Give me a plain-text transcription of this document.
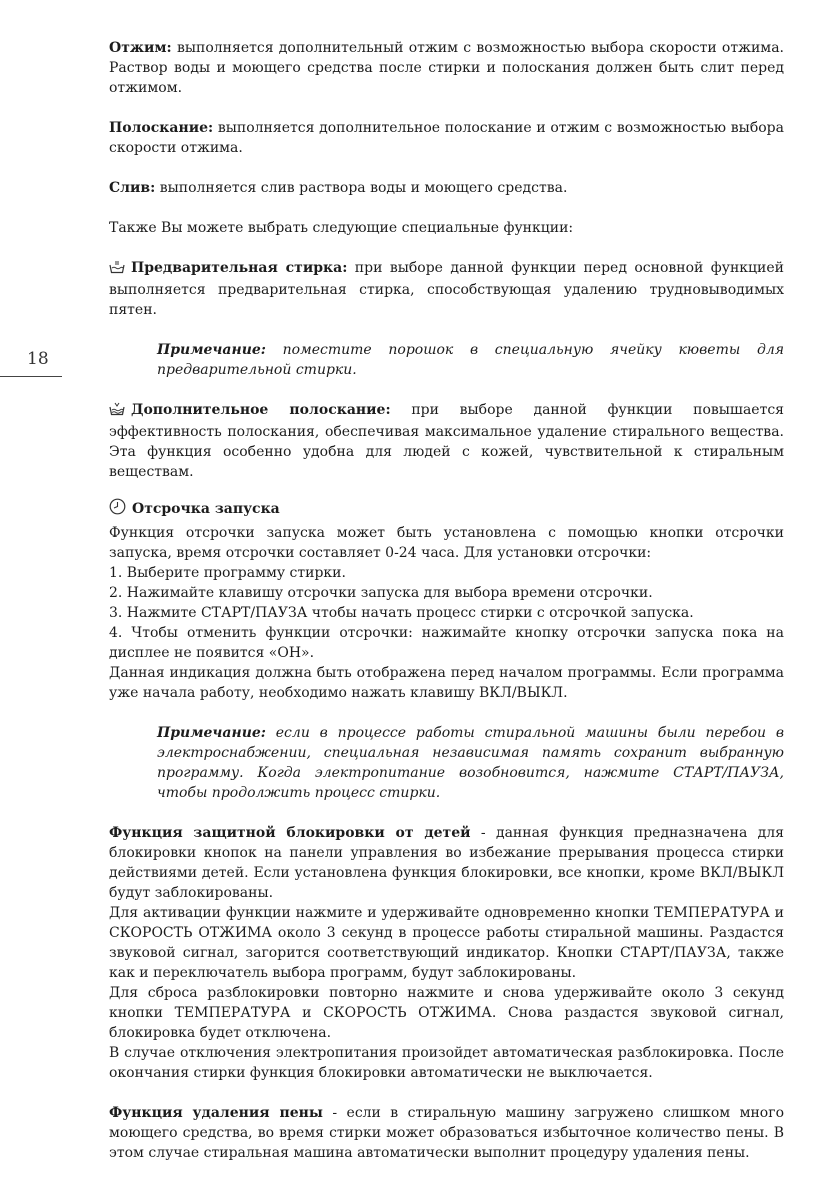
18

Отжим: выполняется дополнительный отжим с возможностью выбора скорости отжима. Раствор воды и моющего средства после стирки и полоскания должен быть слит перед отжимом.

Полоскание: выполняется дополнительное полоскание и отжим с возможностью выбора скорости отжима.

Слив: выполняется слив раствора воды и моющего средства.

Также Вы можете выбрать следующие специальные функции:

Предварительная стирка: при выборе данной функции перед основной функцией выполняется предварительная стирка, способствующая удалению трудновыводимых пятен.

Примечание: поместите порошок в специальную ячейку кюветы для предварительной стирки.

Дополнительное полоскание: при выборе данной функции повышается эффективность полоскания, обеспечивая максимальное удаление стирального вещества. Эта функция особенно удобна для людей с кожей, чувствительной к стиральным веществам.

Отсрочка запуска

Функция отсрочки запуска может быть установлена с помощью кнопки отсрочки запуска, время отсрочки составляет 0-24 часа. Для установки отсрочки:

1. Выберите программу стирки.
2. Нажимайте клавишу отсрочки запуска для выбора времени отсрочки.
3. Нажмите СТАРТ/ПАУЗА чтобы начать процесс стирки с отсрочкой запуска.
4. Чтобы отменить функции отсрочки: нажимайте кнопку отсрочки запуска пока на дисплее не появится «ОН».

Данная индикация должна быть отображена перед началом программы. Если программа уже начала работу, необходимо нажать клавишу ВКЛ/ВЫКЛ.

Примечание: если в процессе работы стиральной машины были перебои в электроснабжении, специальная независимая память сохранит выбранную программу. Когда электропитание возобновится, нажмите СТАРТ/ПАУЗА, чтобы продолжить процесс стирки.

Функция защитной блокировки от детей - данная функция предназначена для блокировки кнопок на панели управления во избежание прерывания процесса стирки действиями детей. Если установлена функция блокировки, все кнопки, кроме ВКЛ/ВЫКЛ будут заблокированы.

Для активации функции нажмите и удерживайте одновременно кнопки ТЕМПЕРАТУРА и СКОРОСТЬ ОТЖИМА около 3 секунд в процессе работы стиральной машины. Раздастся звуковой сигнал, загорится соответствующий индикатор. Кнопки СТАРТ/ПАУЗА, также как и переключатель выбора программ, будут заблокированы.

Для сброса разблокировки повторно нажмите и снова удерживайте около 3 секунд кнопки ТЕМПЕРАТУРА и СКОРОСТЬ ОТЖИМА. Снова раздастся звуковой сигнал, блокировка будет отключена.

В случае отключения электропитания произойдет автоматическая разблокировка. После окончания стирки функция блокировки автоматически не выключается.

Функция удаления пены - если в стиральную машину загружено слишком много моющего средства, во время стирки может образоваться избыточное количество пены. В этом случае стиральная машина автоматически выполнит процедуру удаления пены.
